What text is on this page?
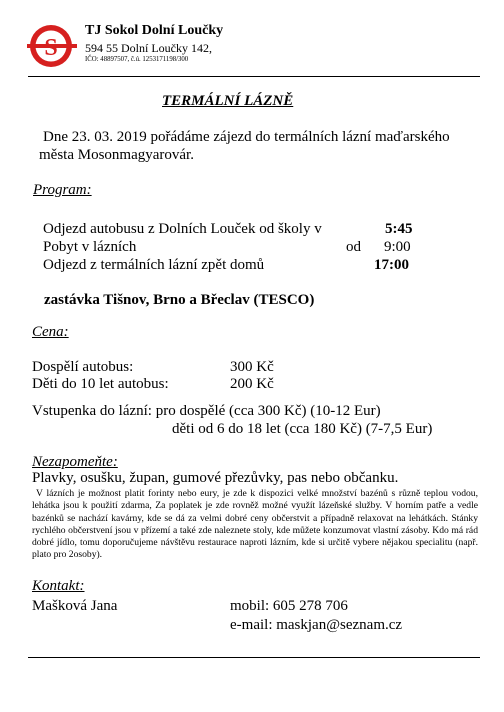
S
TJ Sokol Dolní Loučky
594 55 Dolní Loučky 142,
IČO: 48897507, č.ú. 1253171198/300
TERMÁLNÍ LÁZNĚ
Dne 23. 03. 2019 pořádáme zájezd do termálních lázní maďarského města Mosonmagyarovár.
Program:
Odjezd autobusu z Dolních Louček od školy v	5:45
Pobyt v lázních	od 9:00
Odjezd z termálních lázní zpět domů	17:00
zastávka Tišnov, Brno a Břeclav (TESCO)
Cena:
Dospělí autobus:	300 Kč
Děti do 10 let autobus:	200 Kč
Vstupenka do lázní: pro dospělé (cca 300 Kč) (10-12 Eur)
děti od 6 do 18 let (cca 180 Kč) (7-7,5 Eur)
Nezapomeňte:
Plavky, osušku, župan, gumové přezůvky, pas nebo občanku.
V lázních je možnost platit forinty nebo eury, je zde k dispozici velké množství bazénů s různě teplou vodou, lehátka jsou k použití zdarma, Za poplatek je zde rovněž možné využít lázeňské služby. V horním patře a vedle bazénků se nachází kavárny, kde se dá za velmi dobré ceny občerstvit a případně relaxovat na lehátkách. Stánky rychlého občerstvení jsou v přízemí a také zde naleznete stoly, kde můžete konzumovat vlastní zásoby. Kdo má rád dobré jídlo, tomu doporučujeme návštěvu restaurace naproti lázním, kde si určitě vybere nějakou specialitu (např. plato pro 2osoby).
Kontakt:
Mašková Jana	mobil: 605 278 706
e-mail: maskjan@seznam.cz
